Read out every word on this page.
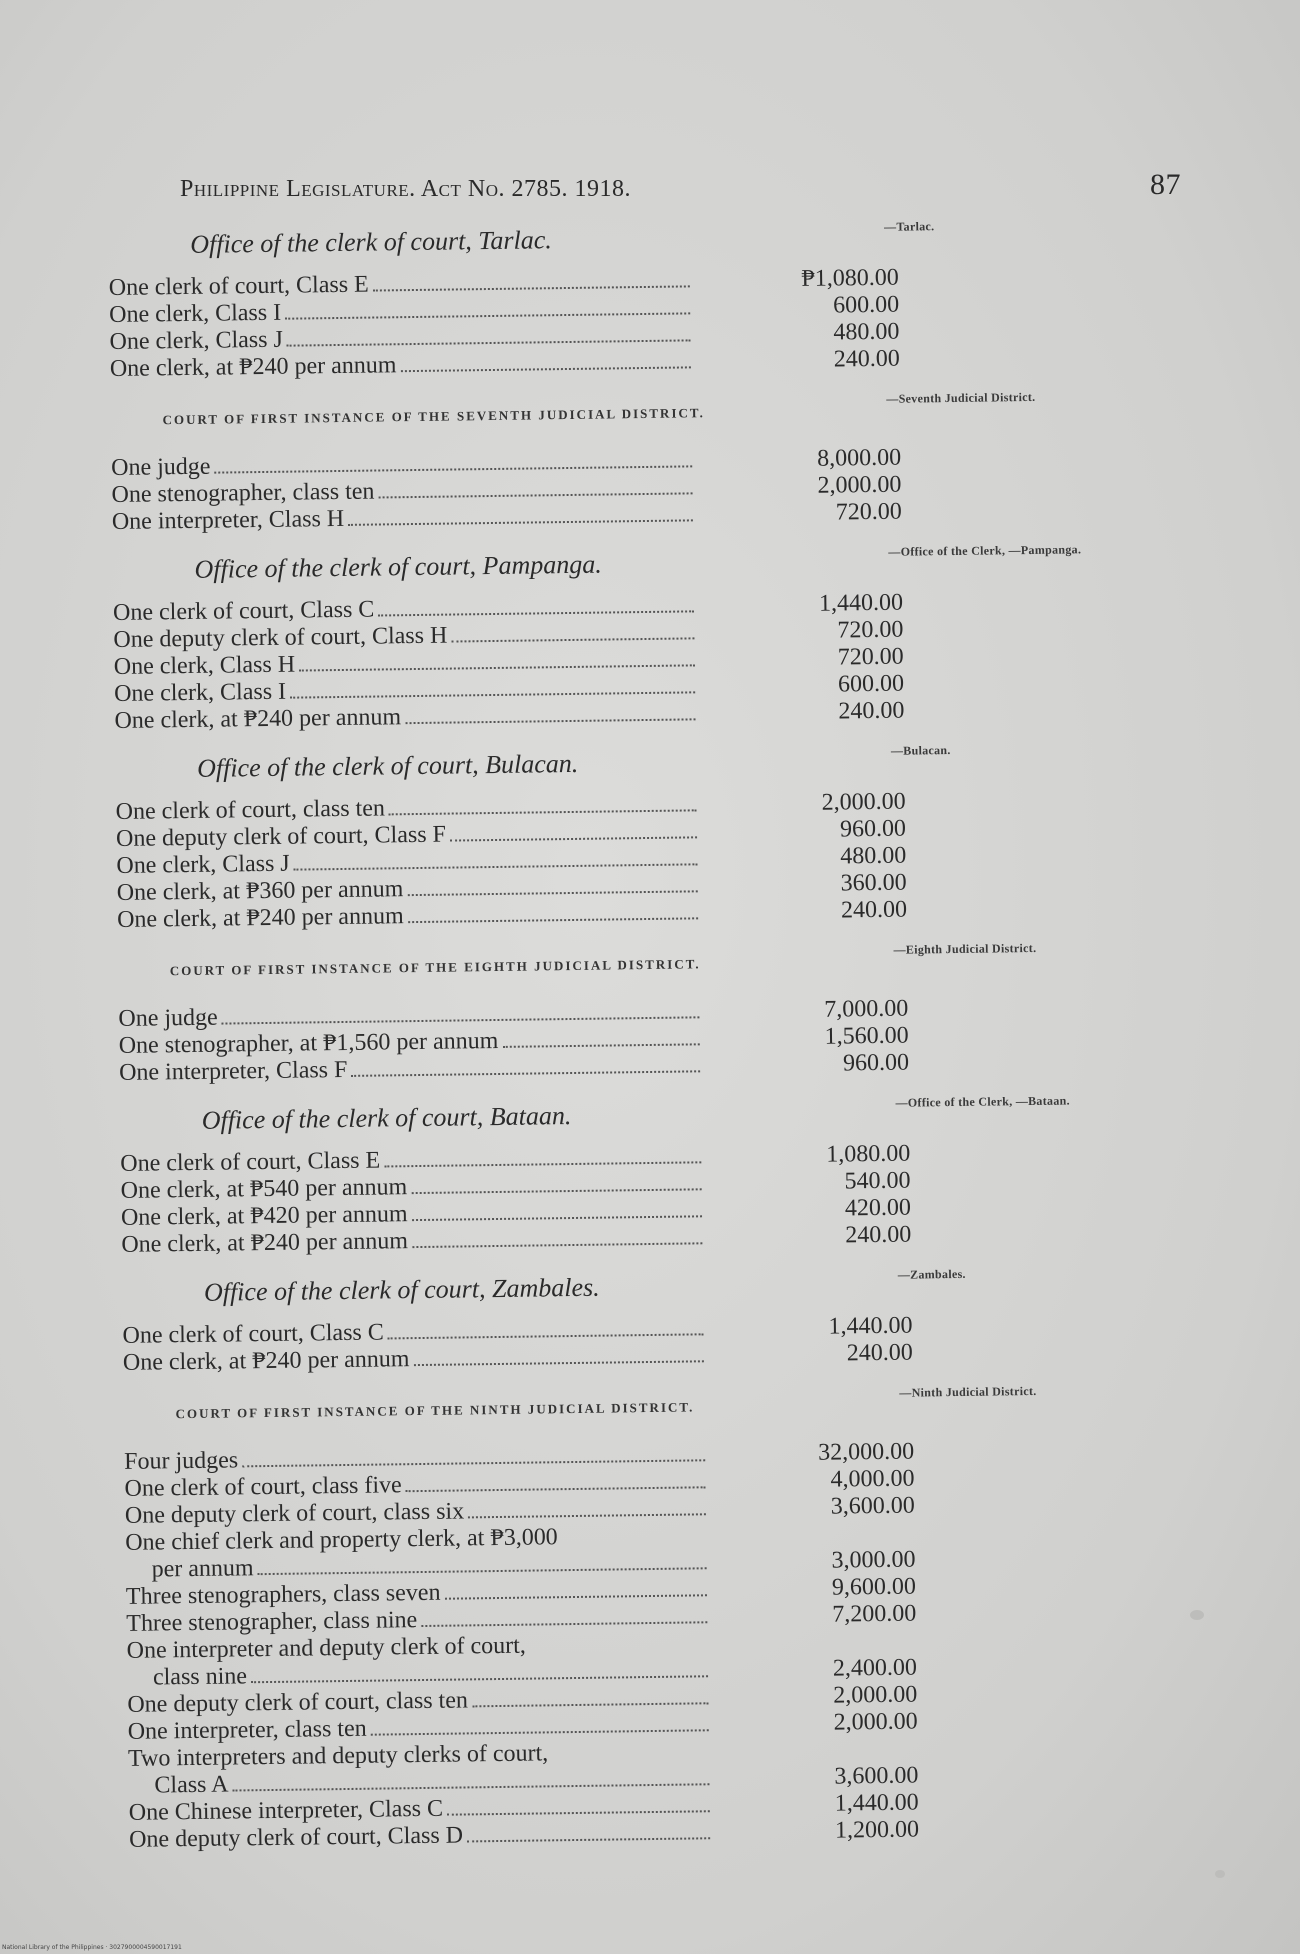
Philippine Legislature. Act No. 2785. 1918.	87
Office of the clerk of court, Tarlac.	—Tarlac.
One clerk of court, Class E	₱1,080.00
One clerk, Class I	600.00
One clerk, Class J	480.00
One clerk, at ₱240 per annum	240.00
COURT OF FIRST INSTANCE OF THE SEVENTH JUDICIAL DISTRICT.
—Seventh Judicial District.
One judge	8,000.00
One stenographer, class ten	2,000.00
One interpreter, Class H	720.00
Office of the clerk of court, Pampanga.	—Office of the Clerk, —Pampanga.
One clerk of court, Class C	1,440.00
One deputy clerk of court, Class H	720.00
One clerk, Class H	720.00
One clerk, Class I	600.00
One clerk, at ₱240 per annum	240.00
Office of the clerk of court, Bulacan.	—Bulacan.
One clerk of court, class ten	2,000.00
One deputy clerk of court, Class F	960.00
One clerk, Class J	480.00
One clerk, at ₱360 per annum	360.00
One clerk, at ₱240 per annum	240.00
COURT OF FIRST INSTANCE OF THE EIGHTH JUDICIAL DISTRICT.
—Eighth Judicial District.
One judge	7,000.00
One stenographer, at ₱1,560 per annum	1,560.00
One interpreter, Class F	960.00
Office of the clerk of court, Bataan.	—Office of the Clerk, —Bataan.
One clerk of court, Class E	1,080.00
One clerk, at ₱540 per annum	540.00
One clerk, at ₱420 per annum	420.00
One clerk, at ₱240 per annum	240.00
Office of the clerk of court, Zambales.	—Zambales.
One clerk of court, Class C	1,440.00
One clerk, at ₱240 per annum	240.00
COURT OF FIRST INSTANCE OF THE NINTH JUDICIAL DISTRICT.
—Ninth Judicial District.
Four judges	32,000.00
One clerk of court, class five	4,000.00
One deputy clerk of court, class six	3,600.00
One chief clerk and property clerk, at ₱3,000
per annum	3,000.00
Three stenographers, class seven	9,600.00
Three stenographer, class nine	7,200.00
One interpreter and deputy clerk of court,
class nine	2,400.00
One deputy clerk of court, class ten	2,000.00
One interpreter, class ten	2,000.00
Two interpreters and deputy clerks of court,
Class A	3,600.00
One Chinese interpreter, Class C	1,440.00
One deputy clerk of court, Class D	1,200.00
National Library of the Philippines · 3027900004590017191
